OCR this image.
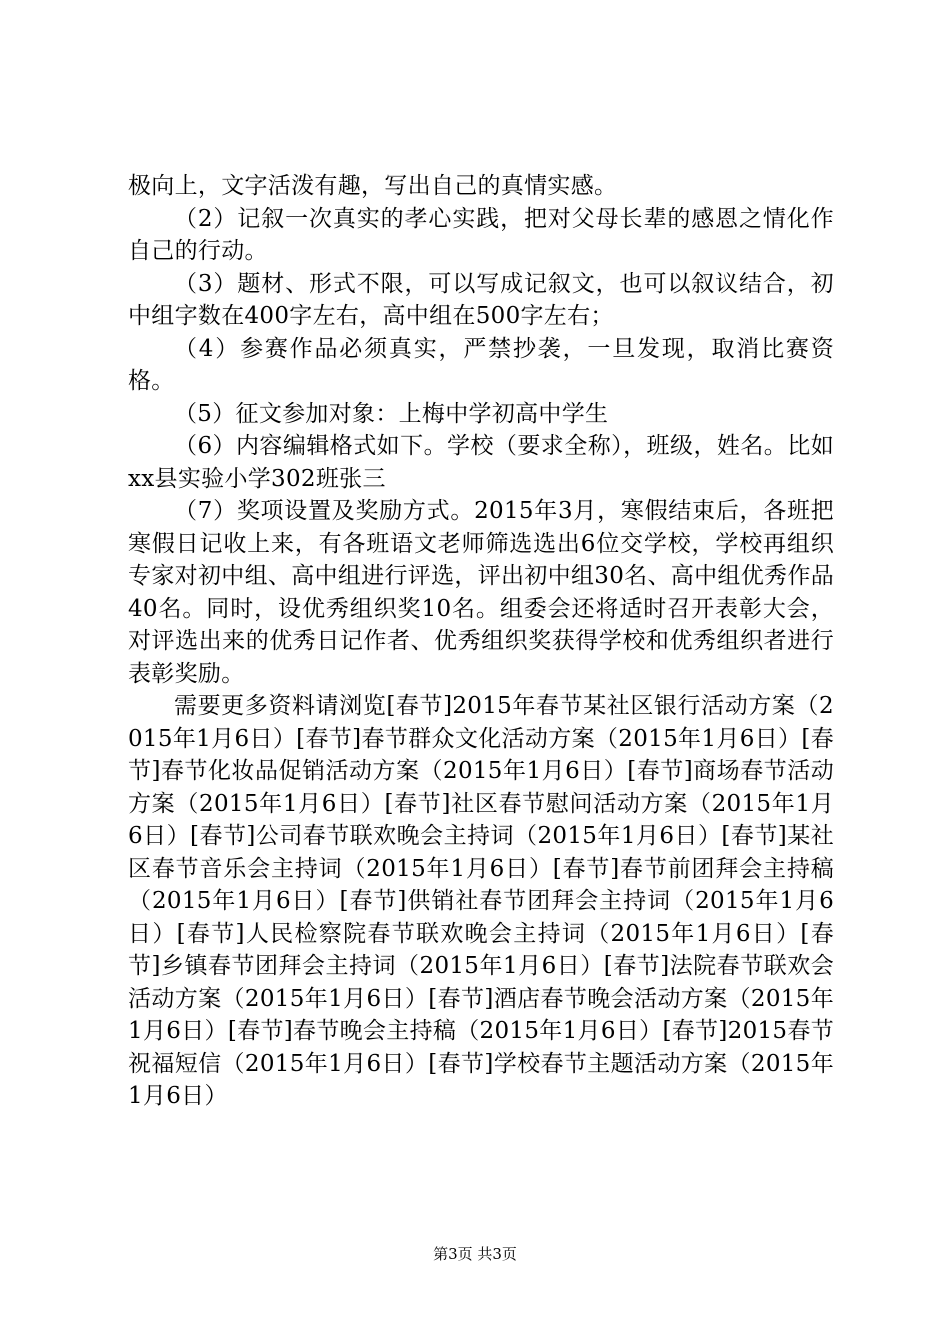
极向上，文字活泼有趣，写出自己的真情实感。

（2）记叙一次真实的孝心实践，把对父母长辈的感恩之情化作自己的行动。

（3）题材、形式不限，可以写成记叙文，也可以叙议结合，初中组字数在400字左右，高中组在500字左右；

（4）参赛作品必须真实，严禁抄袭，一旦发现，取消比赛资格。

（5）征文参加对象：上梅中学初高中学生

（6）内容编辑格式如下。学校（要求全称），班级，姓名。比如xx县实验小学302班张三

（7）奖项设置及奖励方式。2015年3月，寒假结束后，各班把寒假日记收上来，有各班语文老师筛选选出6位交学校，学校再组织专家对初中组、高中组进行评选，评出初中组30名、高中组优秀作品40名。同时，设优秀组织奖10名。组委会还将适时召开表彰大会，对评选出来的优秀日记作者、优秀组织奖获得学校和优秀组织者进行表彰奖励。

需要更多资料请浏览[春节]2015年春节某社区银行活动方案（2015年1月6日）[春节]春节群众文化活动方案（2015年1月6日）[春节]春节化妆品促销活动方案（2015年1月6日）[春节]商场春节活动方案（2015年1月6日）[春节]社区春节慰问活动方案（2015年1月6日）[春节]公司春节联欢晚会主持词（2015年1月6日）[春节]某社区春节音乐会主持词（2015年1月6日）[春节]春节前团拜会主持稿（2015年1月6日）[春节]供销社春节团拜会主持词（2015年1月6日）[春节]人民检察院春节联欢晚会主持词（2015年1月6日）[春节]乡镇春节团拜会主持词（2015年1月6日）[春节]法院春节联欢会活动方案（2015年1月6日）[春节]酒店春节晚会活动方案（2015年1月6日）[春节]春节晚会主持稿（2015年1月6日）[春节]2015春节祝福短信（2015年1月6日）[春节]学校春节主题活动方案（2015年1月6日）

第3页 共3页
